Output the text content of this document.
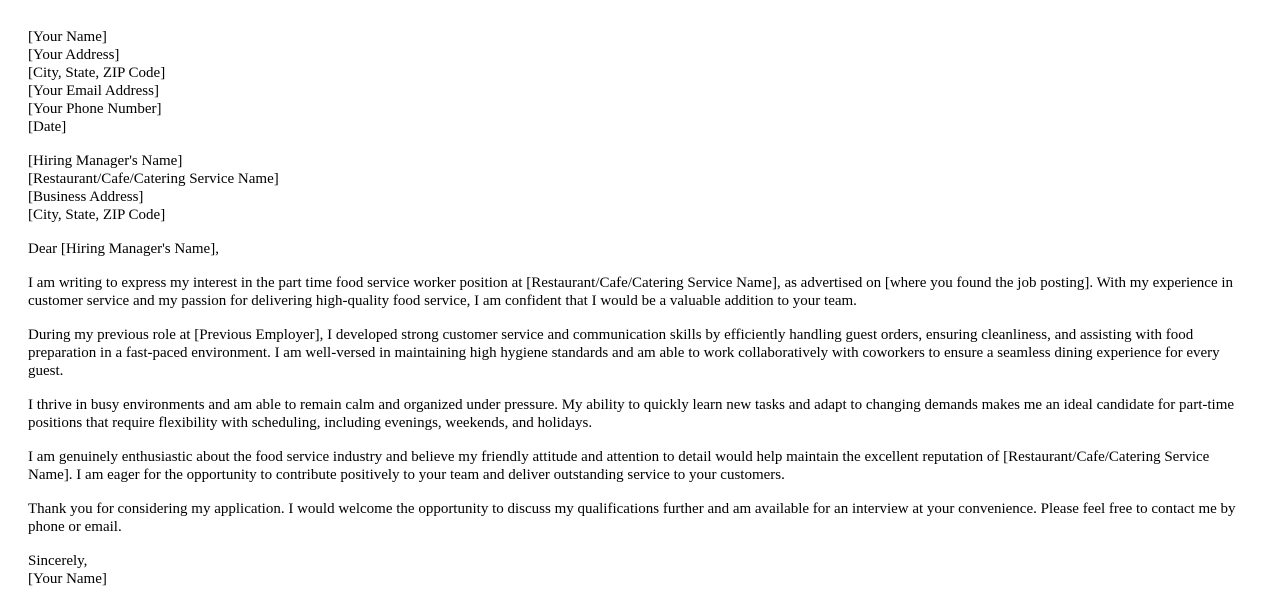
[Your Name]
[Your Address]
[City, State, ZIP Code]
[Your Email Address]
[Your Phone Number]
[Date]
[Hiring Manager's Name]
[Restaurant/Cafe/Catering Service Name]
[Business Address]
[City, State, ZIP Code]

Dear [Hiring Manager's Name],

I am writing to express my interest in the part time food service worker position at [Restaurant/Cafe/Catering Service Name], as advertised on [where you found the job posting]. With my experience in customer service and my passion for delivering high-quality food service, I am confident that I would be a valuable addition to your team.

During my previous role at [Previous Employer], I developed strong customer service and communication skills by efficiently handling guest orders, ensuring cleanliness, and assisting with food preparation in a fast-paced environment. I am well-versed in maintaining high hygiene standards and am able to work collaboratively with coworkers to ensure a seamless dining experience for every guest.

I thrive in busy environments and am able to remain calm and organized under pressure. My ability to quickly learn new tasks and adapt to changing demands makes me an ideal candidate for part-time positions that require flexibility with scheduling, including evenings, weekends, and holidays.

I am genuinely enthusiastic about the food service industry and believe my friendly attitude and attention to detail would help maintain the excellent reputation of [Restaurant/Cafe/Catering Service Name]. I am eager for the opportunity to contribute positively to your team and deliver outstanding service to your customers.

Thank you for considering my application. I would welcome the opportunity to discuss my qualifications further and am available for an interview at your convenience. Please feel free to contact me by phone or email.

Sincerely,
[Your Name]
